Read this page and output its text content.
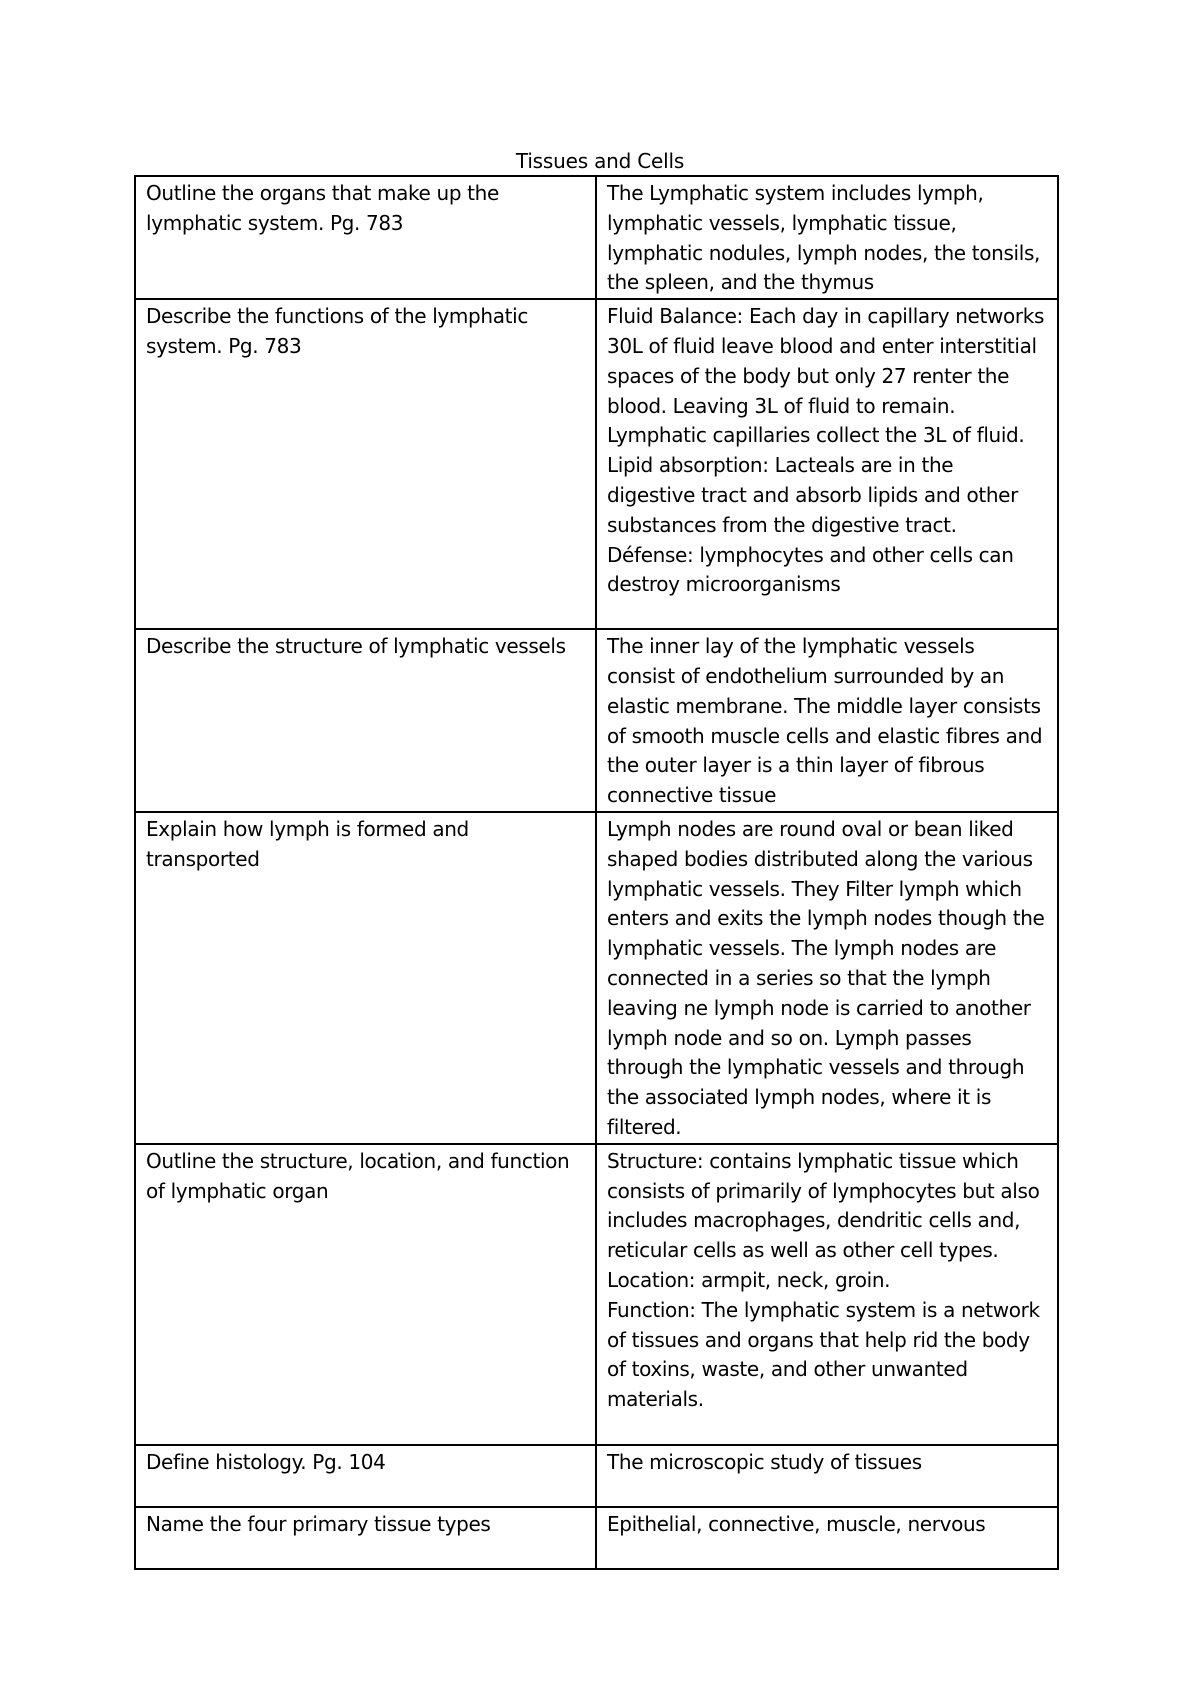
Tissues and Cells
Outline the organs that make up the lymphatic system. Pg. 783	The Lymphatic system includes lymph, lymphatic vessels, lymphatic tissue, lymphatic nodules, lymph nodes, the tonsils, the spleen, and the thymus
Describe the functions of the lymphatic system. Pg. 783	Fluid Balance: Each day in capillary networks 30L of fluid leave blood and enter interstitial spaces of the body but only 27 renter the blood. Leaving 3L of fluid to remain. Lymphatic capillaries collect the 3L of fluid.
Lipid absorption: Lacteals are in the digestive tract and absorb lipids and other substances from the digestive tract.
Défense: lymphocytes and other cells can destroy microorganisms
Describe the structure of lymphatic vessels	The inner lay of the lymphatic vessels consist of endothelium surrounded by an elastic membrane. The middle layer consists of smooth muscle cells and elastic fibres and the outer layer is a thin layer of fibrous connective tissue
Explain how lymph is formed and transported	Lymph nodes are round oval or bean liked shaped bodies distributed along the various lymphatic vessels. They Filter lymph which enters and exits the lymph nodes though the lymphatic vessels. The lymph nodes are connected in a series so that the lymph leaving ne lymph node is carried to another lymph node and so on. Lymph passes through the lymphatic vessels and through the associated lymph nodes, where it is filtered.
Outline the structure, location, and function of lymphatic organ	Structure: contains lymphatic tissue which consists of primarily of lymphocytes but also includes macrophages, dendritic cells and, reticular cells as well as other cell types.
Location: armpit, neck, groin.
Function: The lymphatic system is a network of tissues and organs that help rid the body of toxins, waste, and other unwanted materials.
Define histology. Pg. 104	The microscopic study of tissues
Name the four primary tissue types	Epithelial, connective, muscle, nervous
